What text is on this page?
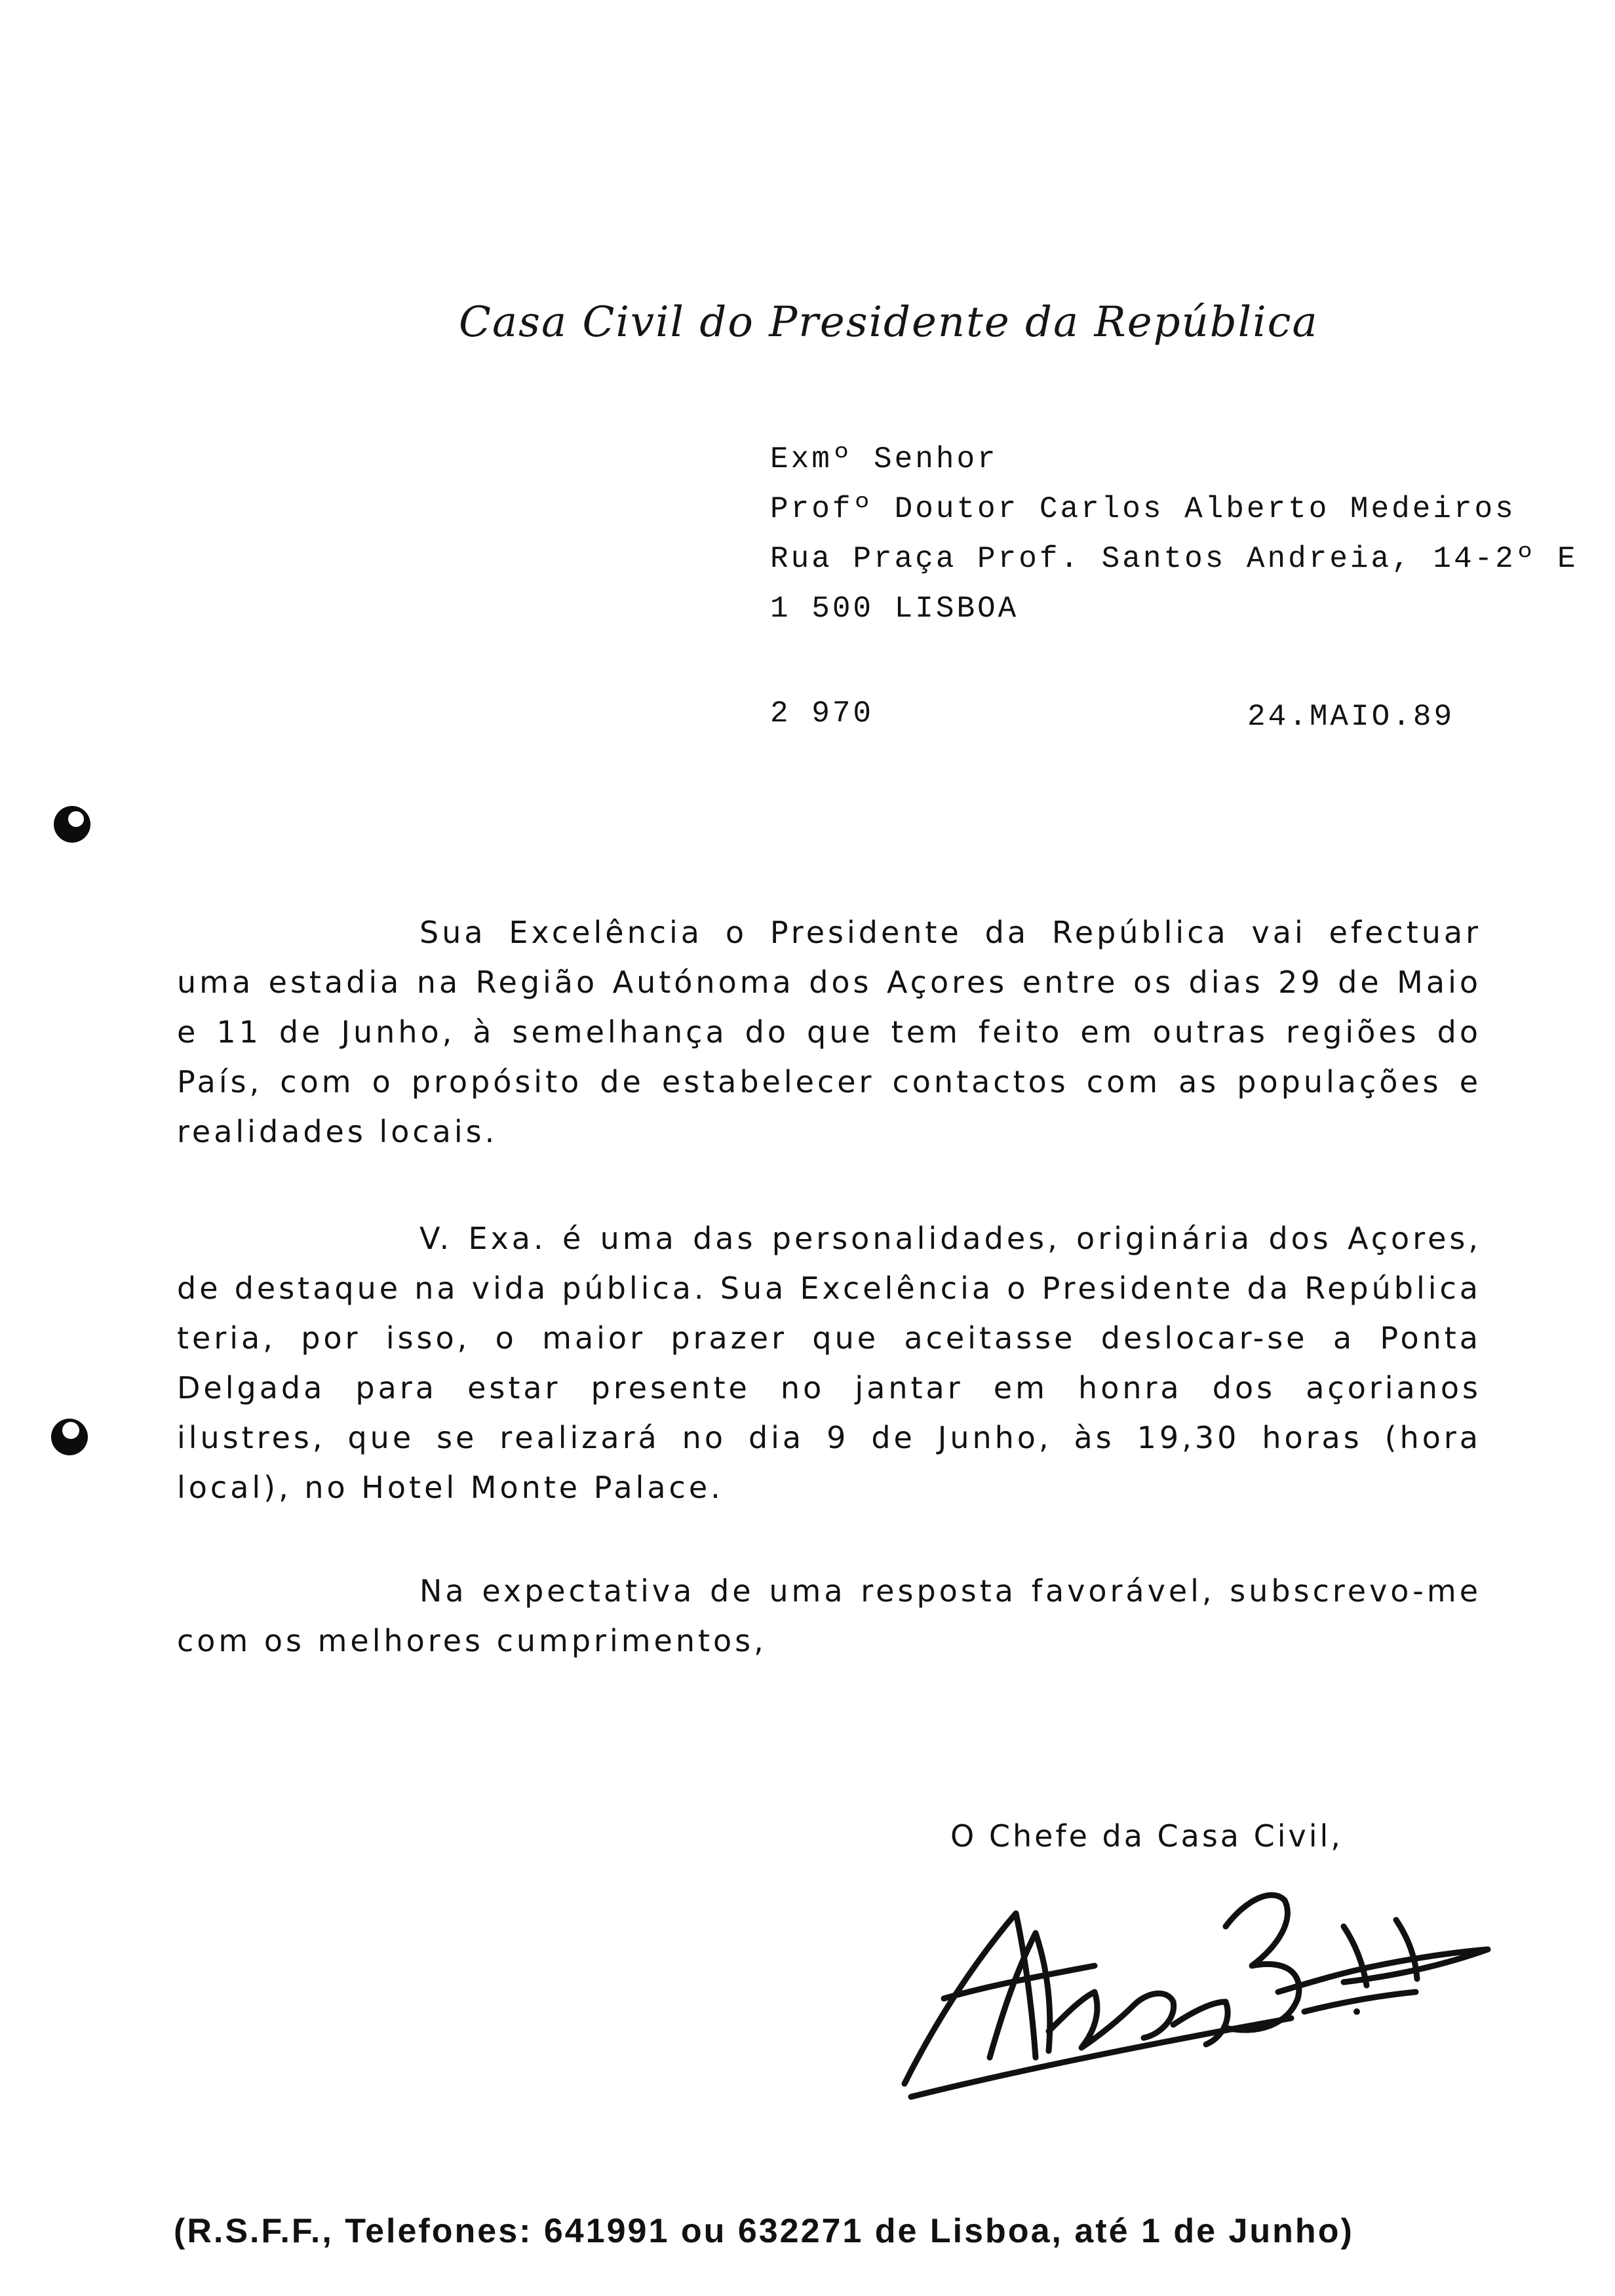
Casa Civil do Presidente da República
Exmº Senhor
Profº Doutor Carlos Alberto Medeiros
Rua Praça Prof. Santos Andreia, 14-2º E
1 500 LISBOA
2 970	24.MAIO.89
Sua Excelência o Presidente da República vai efectuar uma estadia na Região Autónoma dos Açores entre os dias 29 de Maio e 11 de Junho, à semelhança do que tem feito em outras regiões do País, com o propósito de estabelecer contactos com as populações e realidades locais.
V. Exa. é uma das personalidades, originária dos Açores, de destaque na vida pública. Sua Excelência o Presidente da República teria, por isso, o maior prazer que aceitasse deslocar-se a Ponta Delgada para estar presente no jantar em honra dos açorianos ilustres, que se realizará no dia 9 de Junho, às 19,30 horas (hora local), no Hotel Monte Palace.
Na expectativa de uma resposta favorável, subscrevo-me com os melhores cumprimentos,
O Chefe da Casa Civil,
(R.S.F.F., Telefones: 641991 ou 632271 de Lisboa, até 1 de Junho)
